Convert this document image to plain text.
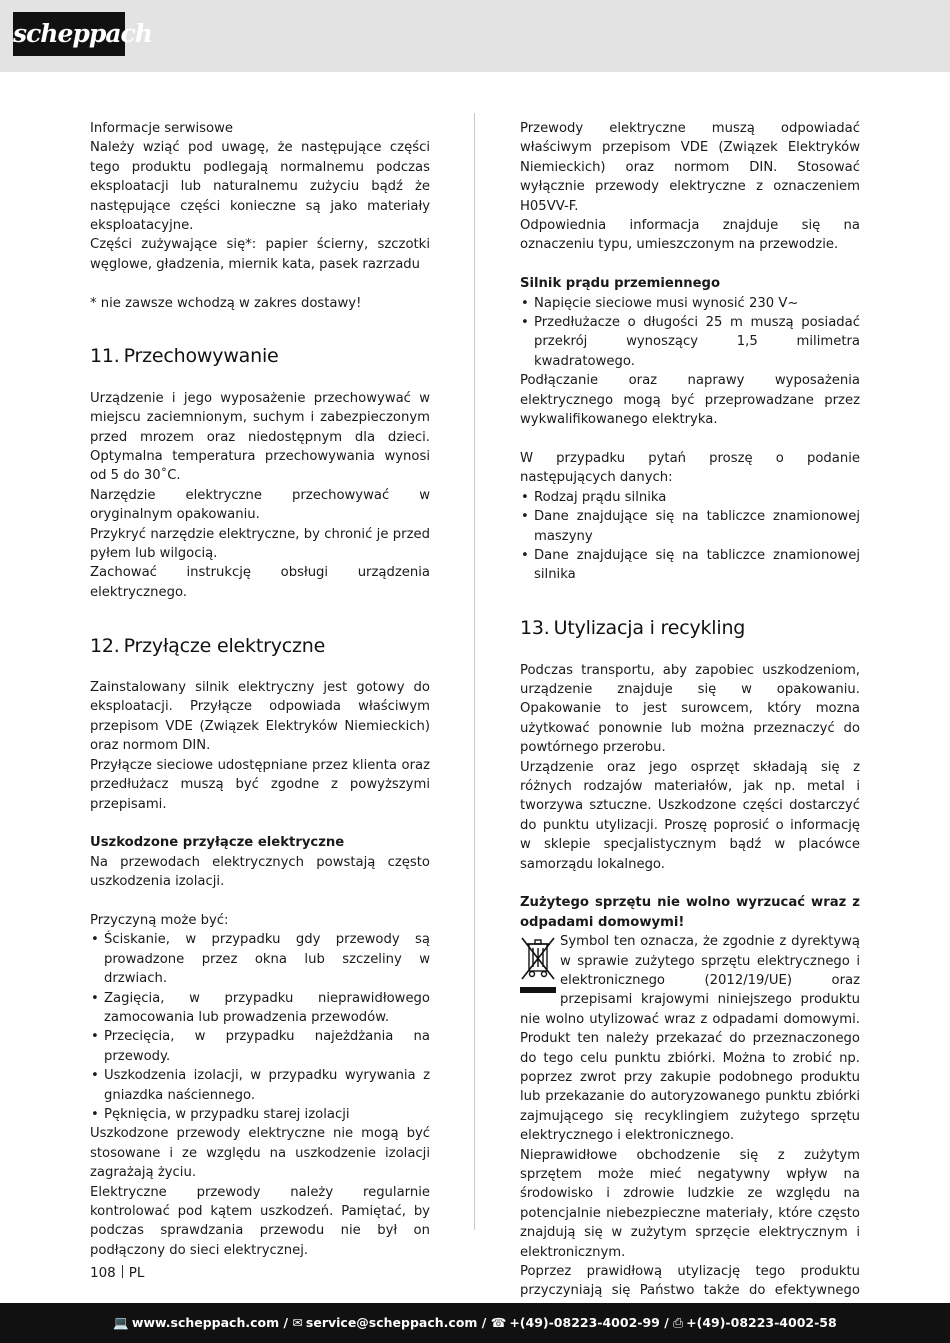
scheppach

Informacje serwisowe

Należy wziąć pod uwagę, że następujące części tego produktu podlegają normalnemu podczas eksploatacji lub naturalnemu zużyciu bądź że następujące części konieczne są jako materiały eksploatacyjne.

Części zużywające się*: papier ścierny, szczotki węglowe, gładzenia, miernik kata, pasek razrzadu

* nie zawsze wchodzą w zakres dostawy!

11. Przechowywanie

Urządzenie i jego wyposażenie przechowywać w miejscu zaciemnionym, suchym i zabezpieczonym przed mrozem oraz niedostępnym dla dzieci. Optymalna temperatura przechowywania wynosi od 5 do 30˚C.

Narzędzie elektryczne przechowywać w oryginalnym opakowaniu.

Przykryć narzędzie elektryczne, by chronić je przed pyłem lub wilgocią.

Zachować instrukcję obsługi urządzenia elektrycznego.

12. Przyłącze elektryczne

Zainstalowany silnik elektryczny jest gotowy do eksploatacji. Przyłącze odpowiada właściwym przepisom VDE (Związek Elektryków Niemieckich) oraz normom DIN.

Przyłącze sieciowe udostępniane przez klienta oraz przedłużacz muszą być zgodne z powyższymi przepisami.

Uszkodzone przyłącze elektryczne

Na przewodach elektrycznych powstają często uszkodzenia izolacji.

Przyczyną może być:

• Ściskanie, w przypadku gdy przewody są prowadzone przez okna lub szczeliny w drzwiach.
• Zagięcia, w przypadku nieprawidłowego zamocowania lub prowadzenia przewodów.
• Przecięcia, w przypadku najeżdżania na przewody.
• Uszkodzenia izolacji, w przypadku wyrywania z gniazdka naściennego.
• Pęknięcia, w przypadku starej izolacji

Uszkodzone przewody elektryczne nie mogą być stosowane i ze względu na uszkodzenie izolacji zagrażają życiu.

Elektryczne przewody należy regularnie kontrolować pod kątem uszkodzeń. Pamiętać, by podczas sprawdzania przewodu nie był on podłączony do sieci elektrycznej.

Przewody elektryczne muszą odpowiadać właściwym przepisom VDE (Związek Elektryków Niemieckich) oraz normom DIN. Stosować wyłącznie przewody elektryczne z oznaczeniem H05VV-F.

Odpowiednia informacja znajduje się na oznaczeniu typu, umieszczonym na przewodzie.

Silnik prądu przemiennego

• Napięcie sieciowe musi wynosić 230 V~
• Przedłużacze o długości 25 m muszą posiadać przekrój wynoszący 1,5 milimetra kwadratowego.

Podłączanie oraz naprawy wyposażenia elektrycznego mogą być przeprowadzane przez wykwalifikowanego elektryka.

W przypadku pytań proszę o podanie następujących danych:

• Rodzaj prądu silnika
• Dane znajdujące się na tabliczce znamionowej maszyny
• Dane znajdujące się na tabliczce znamionowej silnika
13. Utylizacja i recykling

Podczas transportu, aby zapobiec uszkodzeniom, urządzenie znajduje się w opakowaniu. Opakowanie to jest surowcem, który mozna użytkować ponownie lub można przeznaczyć do powtórnego przerobu.

Urządzenie oraz jego osprzęt składają się z różnych rodzajów materiałów, jak np. metal i tworzywa sztuczne. Uszkodzone części dostarczyć do punktu utylizacji. Proszę poprosić o informację w sklepie specjalistycznym bądź w placówce samorządu lokalnego.

Zużytego sprzętu nie wolno wyrzucać wraz z odpadami domowymi!

Symbol ten oznacza, że zgodnie z dyrektywą w sprawie zużytego sprzętu elektrycznego i elektronicznego (2012/19/UE) oraz przepisami krajowymi niniejszego produktu nie wolno utylizować wraz z odpadami domowymi. Produkt ten należy przekazać do przeznaczonego do tego celu punktu zbiórki. Można to zrobić np. poprzez zwrot przy zakupie podobnego produktu lub przekazanie do autoryzowanego punktu zbiórki zajmującego się recyklingiem zużytego sprzętu elektrycznego i elektronicznego.

Nieprawidłowe obchodzenie się z zużytym sprzętem może mieć negatywny wpływ na środowisko i zdrowie ludzkie ze względu na potencjalnie niebezpieczne materiały, które często znajdują się w zużytym sprzęcie elektrycznym i elektronicznym.

Poprzez prawidłową utylizację tego produktu przyczyniają się Państwo także do efektywnego

108 PL
💻 www.scheppach.com / ✉ service@scheppach.com / ☎ +(49)-08223-4002-99 / ⎙ +(49)-08223-4002-58
